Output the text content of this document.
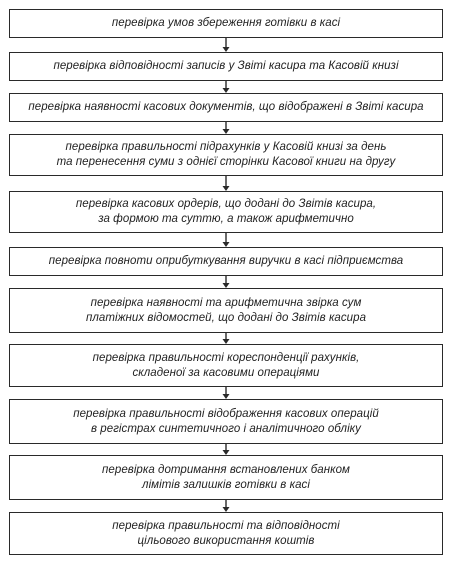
перевірка умов збереження готівки в касі
перевірка відповідності записів у Звіті касира та Касовій книзі
перевірка наявності касових документів, що відображені в Звіті касира
перевірка правильності підрахунків у Касовій книзі за день
та перенесення суми з однієї сторінки Касової книги на другу
перевірка касових ордерів, що додані до Звітів касира,
за формою та суттю, а також арифметично
перевірка повноти оприбуткування виручки в касі підприємства
перевірка наявності та арифметична звірка сум
платіжних відомостей, що додані до Звітів касира
перевірка правильності кореспонденції рахунків,
складеної за касовими операціями
перевірка правильності відображення касових операцій
в регістрах синтетичного і аналітичного обліку
перевірка дотримання встановлених банком
лімітів залишків готівки в касі
перевірка правильності та відповідності
цільового використання коштів
